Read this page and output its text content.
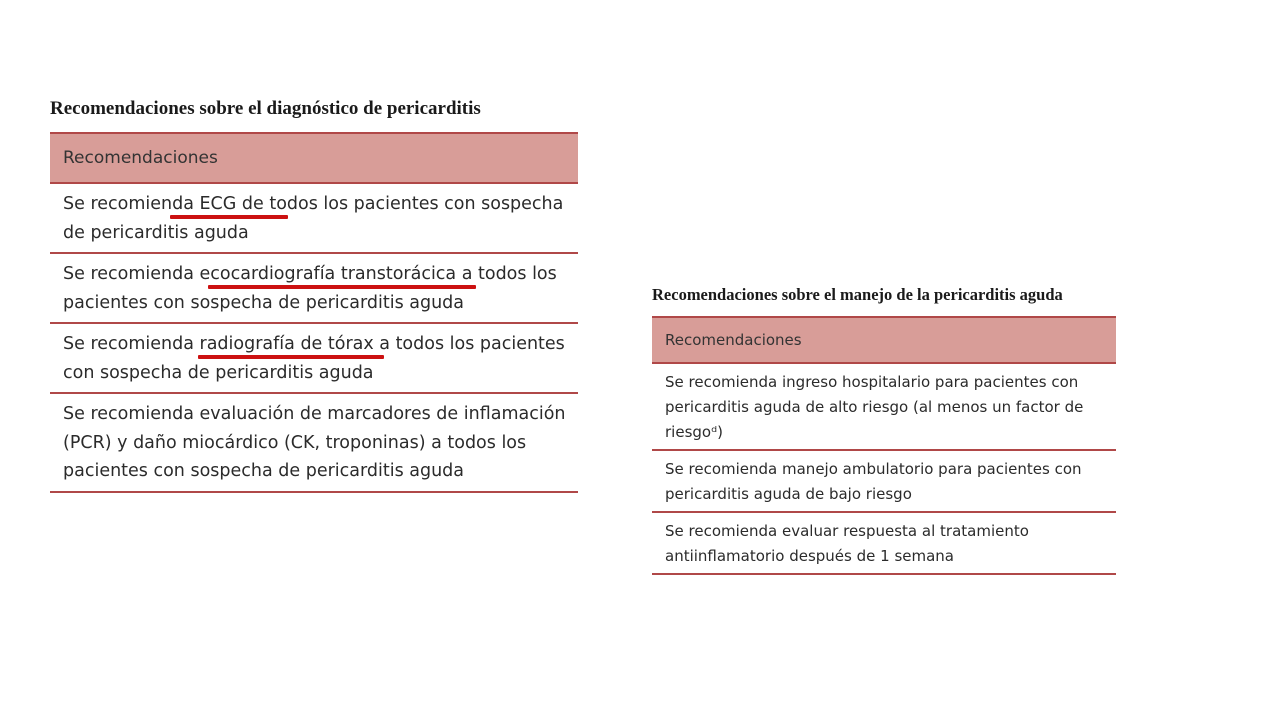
Recomendaciones sobre el diagnóstico de pericarditis
Recomendaciones
Se recomienda ECG de todos los pacientes con sospecha de pericarditis aguda
Se recomienda ecocardiografía transtorácica a todos los pacientes con sospecha de pericarditis aguda
Se recomienda radiografía de tórax a todos los pacientes con sospecha de pericarditis aguda
Se recomienda evaluación de marcadores de inflamación (PCR) y daño miocárdico (CK, troponinas) a todos los pacientes con sospecha de pericarditis aguda
Recomendaciones sobre el manejo de la pericarditis aguda
Recomendaciones
Se recomienda ingreso hospitalario para pacientes con pericarditis aguda de alto riesgo (al menos un factor de riesgoᵈ)
Se recomienda manejo ambulatorio para pacientes con pericarditis aguda de bajo riesgo
Se recomienda evaluar respuesta al tratamiento antiinflamatorio después de 1 semana
